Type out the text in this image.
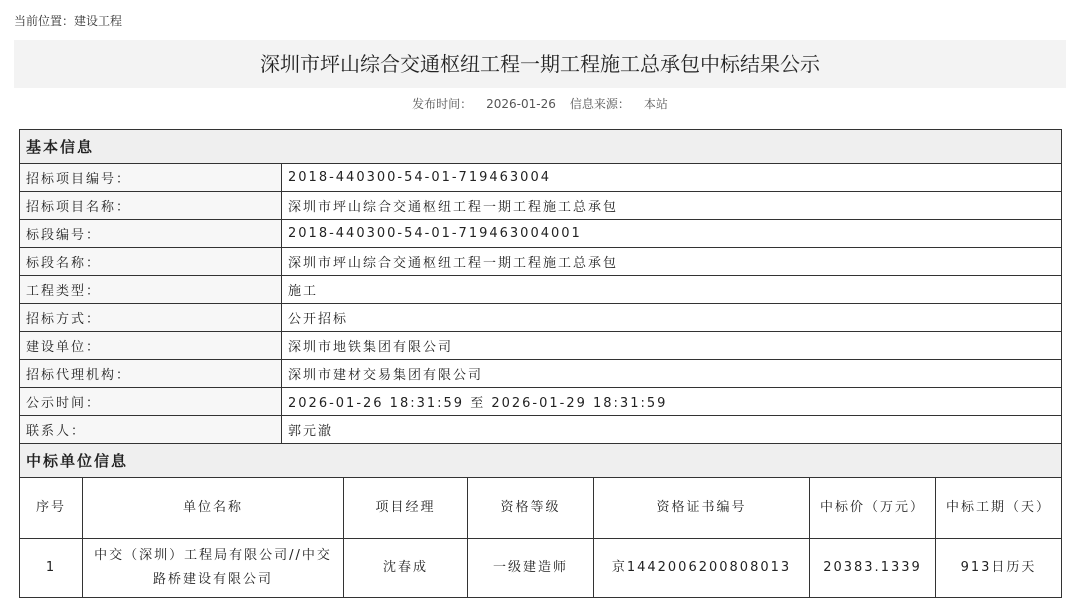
当前位置：建设工程
深圳市坪山综合交通枢纽工程一期工程施工总承包中标结果公示
发布时间： 2026-01-26 信息来源： 本站
基本信息	
招标项目编号：	2018-440300-54-01-719463004
招标项目名称：	深圳市坪山综合交通枢纽工程一期工程施工总承包
标段编号：	2018-440300-54-01-719463004001
标段名称：	深圳市坪山综合交通枢纽工程一期工程施工总承包
工程类型：	施工
招标方式：	公开招标
建设单位：	深圳市地铁集团有限公司
招标代理机构：	深圳市建材交易集团有限公司
公示时间：	2026-01-26 18:31:59 至 2026-01-29 18:31:59
联系人：	郭元澈
中标单位信息	
序号	单位名称	项目经理	资格等级	资格证书编号	中标价（万元）	中标工期（天）
1	中交（深圳）工程局有限公司//中交路桥建设有限公司	沈春成	一级建造师	京1442006200808013	20383.1339	913日历天
